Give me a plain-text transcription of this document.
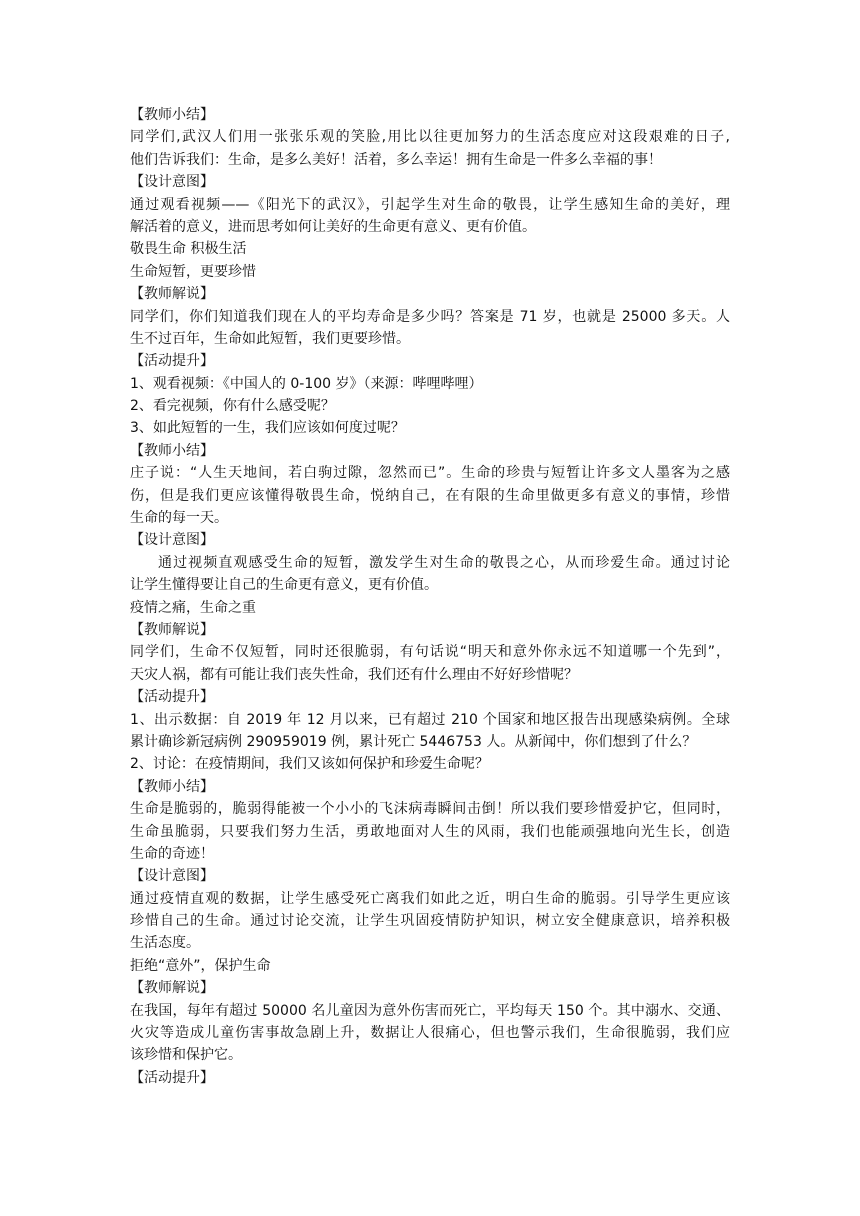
【教师小结】
同学们,武汉人们用一张张乐观的笑脸,用比以往更加努力的生活态度应对这段艰难的日子,
他们告诉我们：生命，是多么美好！活着，多么幸运！拥有生命是一件多么幸福的事！
【设计意图】
通过观看视频——《阳光下的武汉》，引起学生对生命的敬畏，让学生感知生命的美好，理
解活着的意义，进而思考如何让美好的生命更有意义、更有价值。
敬畏生命 积极生活
生命短暂，更要珍惜
【教师解说】
同学们，你们知道我们现在人的平均寿命是多少吗？答案是 71 岁，也就是 25000 多天。人
生不过百年，生命如此短暂，我们更要珍惜。
【活动提升】
1、观看视频：《中国人的 0-100 岁》（来源：哔哩哔哩）
2、看完视频，你有什么感受呢？
3、如此短暂的一生，我们应该如何度过呢？
【教师小结】
庄子说：“人生天地间，若白驹过隙，忽然而已”。生命的珍贵与短暂让许多文人墨客为之感
伤，但是我们更应该懂得敬畏生命，悦纳自己，在有限的生命里做更多有意义的事情，珍惜
生命的每一天。
【设计意图】
通过视频直观感受生命的短暂，激发学生对生命的敬畏之心，从而珍爱生命。通过讨论
让学生懂得要让自己的生命更有意义，更有价值。
疫情之痛，生命之重
【教师解说】
同学们，生命不仅短暂，同时还很脆弱，有句话说“明天和意外你永远不知道哪一个先到”，
天灾人祸，都有可能让我们丧失性命，我们还有什么理由不好好珍惜呢？
【活动提升】
1、出示数据：自 2019 年 12 月以来，已有超过 210 个国家和地区报告出现感染病例。全球
累计确诊新冠病例 290959019 例，累计死亡 5446753 人。从新闻中，你们想到了什么？
2、讨论：在疫情期间，我们又该如何保护和珍爱生命呢？
【教师小结】
生命是脆弱的，脆弱得能被一个小小的飞沫病毒瞬间击倒！所以我们要珍惜爱护它，但同时，
生命虽脆弱，只要我们努力生活，勇敢地面对人生的风雨，我们也能顽强地向光生长，创造
生命的奇迹！
【设计意图】
通过疫情直观的数据，让学生感受死亡离我们如此之近，明白生命的脆弱。引导学生更应该
珍惜自己的生命。通过讨论交流，让学生巩固疫情防护知识，树立安全健康意识，培养积极
生活态度。
拒绝“意外”，保护生命
【教师解说】
在我国，每年有超过 50000 名儿童因为意外伤害而死亡，平均每天 150 个。其中溺水、交通、
火灾等造成儿童伤害事故急剧上升，数据让人很痛心，但也警示我们，生命很脆弱，我们应
该珍惜和保护它。
【活动提升】
